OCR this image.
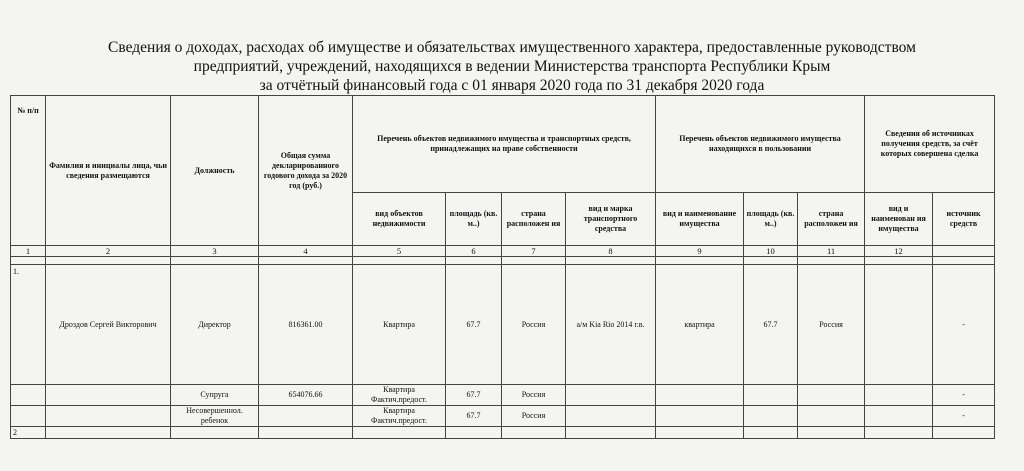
Сведения о доходах, расходах об имуществе и обязательствах имущественного характера, предоставленные руководством
предприятий, учреждений, находящихся в ведении Министерства транспорта Республики Крым
за отчётный финансовый года с 01 января 2020 года по 31 декабря 2020 года
№ п/п	Фамилия и инициалы лица, чьи сведения размещаются	Должность	Общая сумма декларированного годового дохода за 2020 год (руб.)	Перечень объектов недвижимого имущества и транспортных средств, принадлежащих на праве собственности				Перечень объектов недвижимого имущества находящихся в пользовании			Сведения об источниках получения средств, за счёт которых совершена сделка	
				вид объектов недвижимости	площадь (кв. м..)	страна расположен ия	вид и марка транспортного средства	вид и наименование имущества	площадь (кв. м..)	страна расположен ия	вид и наименован ия имущества	источник средств
1	2	3	4	5	6	7	8	9	10	11	12	

1.	Дроздов Сергей Викторович	Директор	816361.00	Квартира	67.7	Россия	а/м Kia Rio 2014 г.в.	квартира	67.7	Россия		-
		Супруга	654076.66	Квартира Фактич.предост.	67.7	Россия						-
		Несовершеннол. ребенок		Квартира Фактич.предост.	67.7	Россия						-
2												
